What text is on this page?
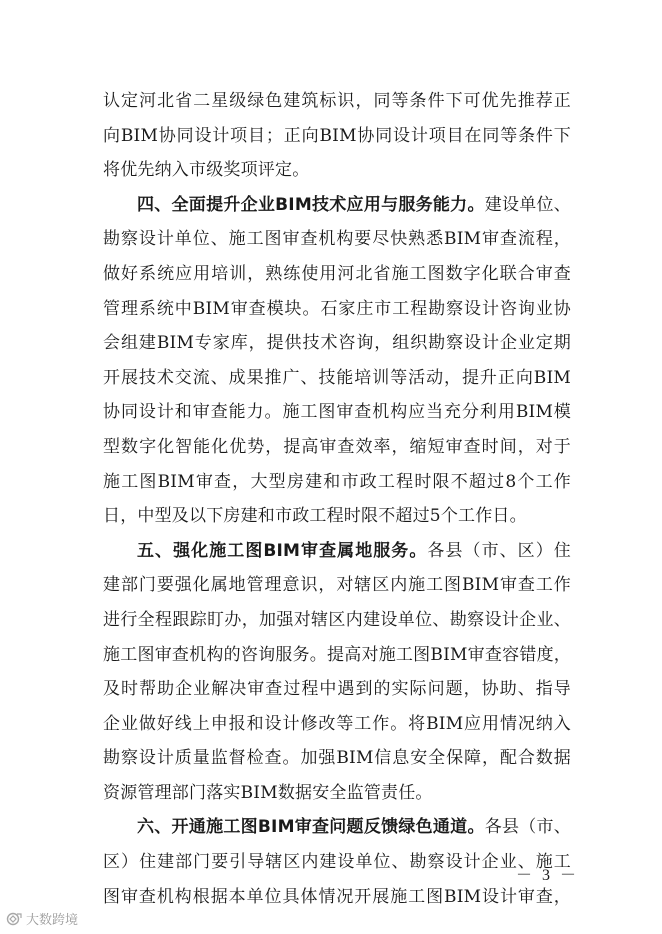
认定河北省二星级绿色建筑标识，同等条件下可优先推荐正
向BIM协同设计项目；正向BIM协同设计项目在同等条件下
将优先纳入市级奖项评定。
四、全面提升企业BIM技术应用与服务能力。建设单位、
勘察设计单位、施工图审查机构要尽快熟悉BIM审查流程，
做好系统应用培训，熟练使用河北省施工图数字化联合审查
管理系统中BIM审查模块。石家庄市工程勘察设计咨询业协
会组建BIM专家库，提供技术咨询，组织勘察设计企业定期
开展技术交流、成果推广、技能培训等活动，提升正向BIM
协同设计和审查能力。施工图审查机构应当充分利用BIM模
型数字化智能化优势，提高审查效率，缩短审查时间，对于
施工图BIM审查，大型房建和市政工程时限不超过8个工作
日，中型及以下房建和市政工程时限不超过5个工作日。
五、强化施工图BIM审查属地服务。各县（市、区）住
建部门要强化属地管理意识，对辖区内施工图BIM审查工作
进行全程跟踪盯办，加强对辖区内建设单位、勘察设计企业、
施工图审查机构的咨询服务。提高对施工图BIM审查容错度，
及时帮助企业解决审查过程中遇到的实际问题，协助、指导
企业做好线上申报和设计修改等工作。将BIM应用情况纳入
勘察设计质量监督检查。加强BIM信息安全保障，配合数据
资源管理部门落实BIM数据安全监管责任。
六、开通施工图BIM审查问题反馈绿色通道。各县（市、
区）住建部门要引导辖区内建设单位、勘察设计企业、施工
图审查机构根据本单位具体情况开展施工图BIM设计审查，
－ 3 －
大数跨境
